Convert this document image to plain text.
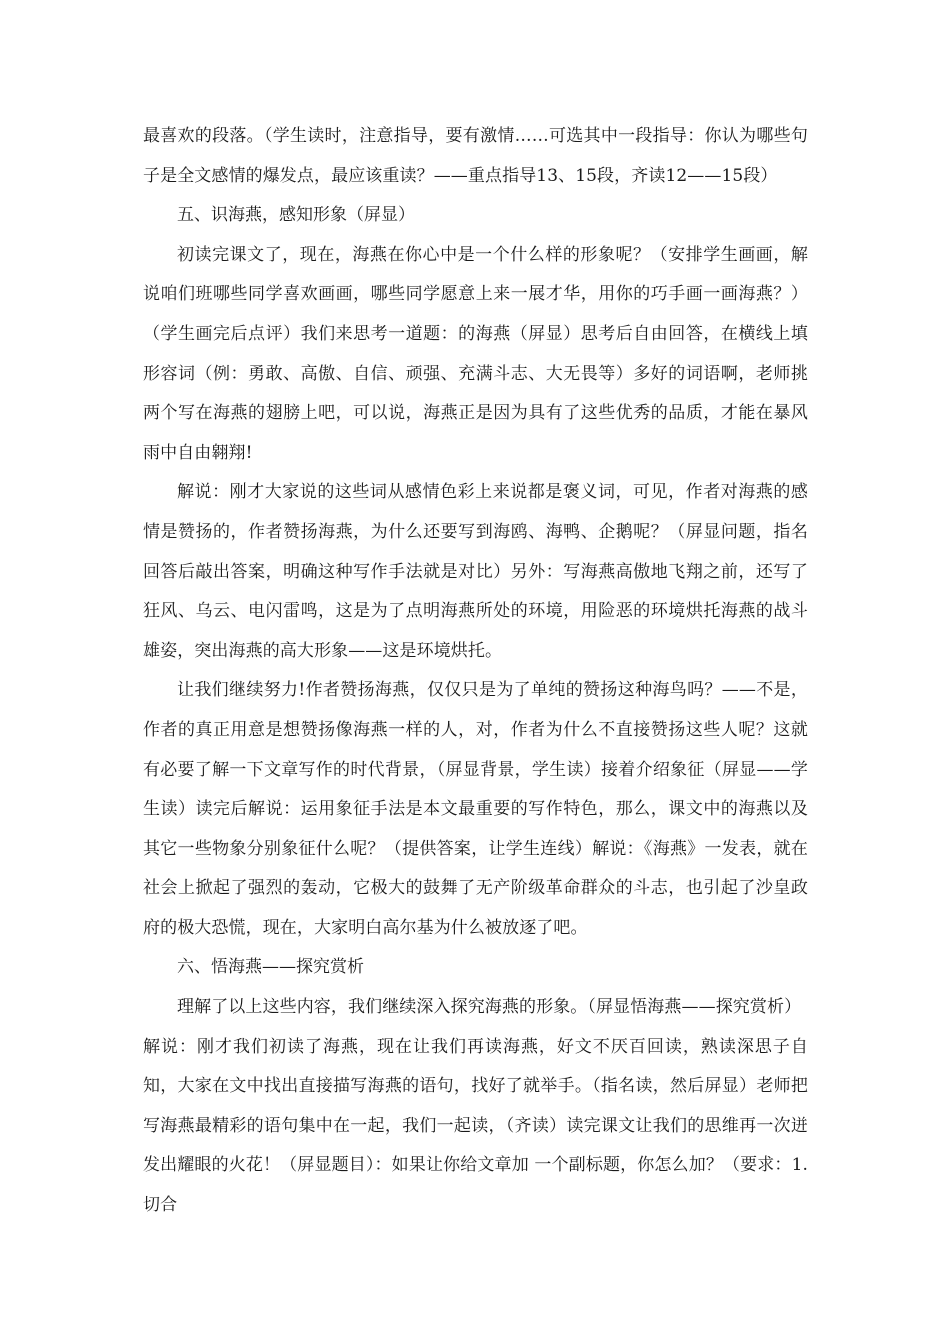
最喜欢的段落。（学生读时，注意指导，要有激情……可选其中一段指导：你认为哪些句子是全文感情的爆发点，最应该重读？——重点指导13、15段，齐读12——15段）

五、识海燕，感知形象（屏显）

初读完课文了，现在，海燕在你心中是一个什么样的形象呢？（安排学生画画，解说咱们班哪些同学喜欢画画，哪些同学愿意上来一展才华，用你的巧手画一画海燕？）（学生画完后点评）我们来思考一道题：的海燕（屏显）思考后自由回答，在横线上填形容词（例：勇敢、高傲、自信、顽强、充满斗志、大无畏等）多好的词语啊，老师挑两个写在海燕的翅膀上吧，可以说，海燕正是因为具有了这些优秀的品质，才能在暴风雨中自由翱翔!

解说：刚才大家说的这些词从感情色彩上来说都是褒义词，可见，作者对海燕的感情是赞扬的，作者赞扬海燕，为什么还要写到海鸥、海鸭、企鹅呢？（屏显问题，指名回答后敲出答案，明确这种写作手法就是对比）另外：写海燕高傲地飞翔之前，还写了狂风、乌云、电闪雷鸣，这是为了点明海燕所处的环境，用险恶的环境烘托海燕的战斗雄姿，突出海燕的高大形象——这是环境烘托。

让我们继续努力!作者赞扬海燕，仅仅只是为了单纯的赞扬这种海鸟吗？——不是，作者的真正用意是想赞扬像海燕一样的人，对，作者为什么不直接赞扬这些人呢？这就有必要了解一下文章写作的时代背景，（屏显背景，学生读）接着介绍象征（屏显——学生读）读完后解说：运用象征手法是本文最重要的写作特色，那么，课文中的海燕以及其它一些物象分别象征什么呢？（提供答案，让学生连线）解说：《海燕》一发表，就在社会上掀起了强烈的轰动，它极大的鼓舞了无产阶级革命群众的斗志，也引起了沙皇政府的极大恐慌，现在，大家明白高尔基为什么被放逐了吧。

六、悟海燕——探究赏析

理解了以上这些内容，我们继续深入探究海燕的形象。（屏显悟海燕——探究赏析）

解说：刚才我们初读了海燕，现在让我们再读海燕，好文不厌百回读，熟读深思子自知，大家在文中找出直接描写海燕的语句，找好了就举手。（指名读，然后屏显）老师把写海燕最精彩的语句集中在一起，我们一起读，（齐读）读完课文让我们的思维再一次迸发出耀眼的火花！（屏显题目）：如果让你给文章加 一个副标题，你怎么加？（要求：1.切合
